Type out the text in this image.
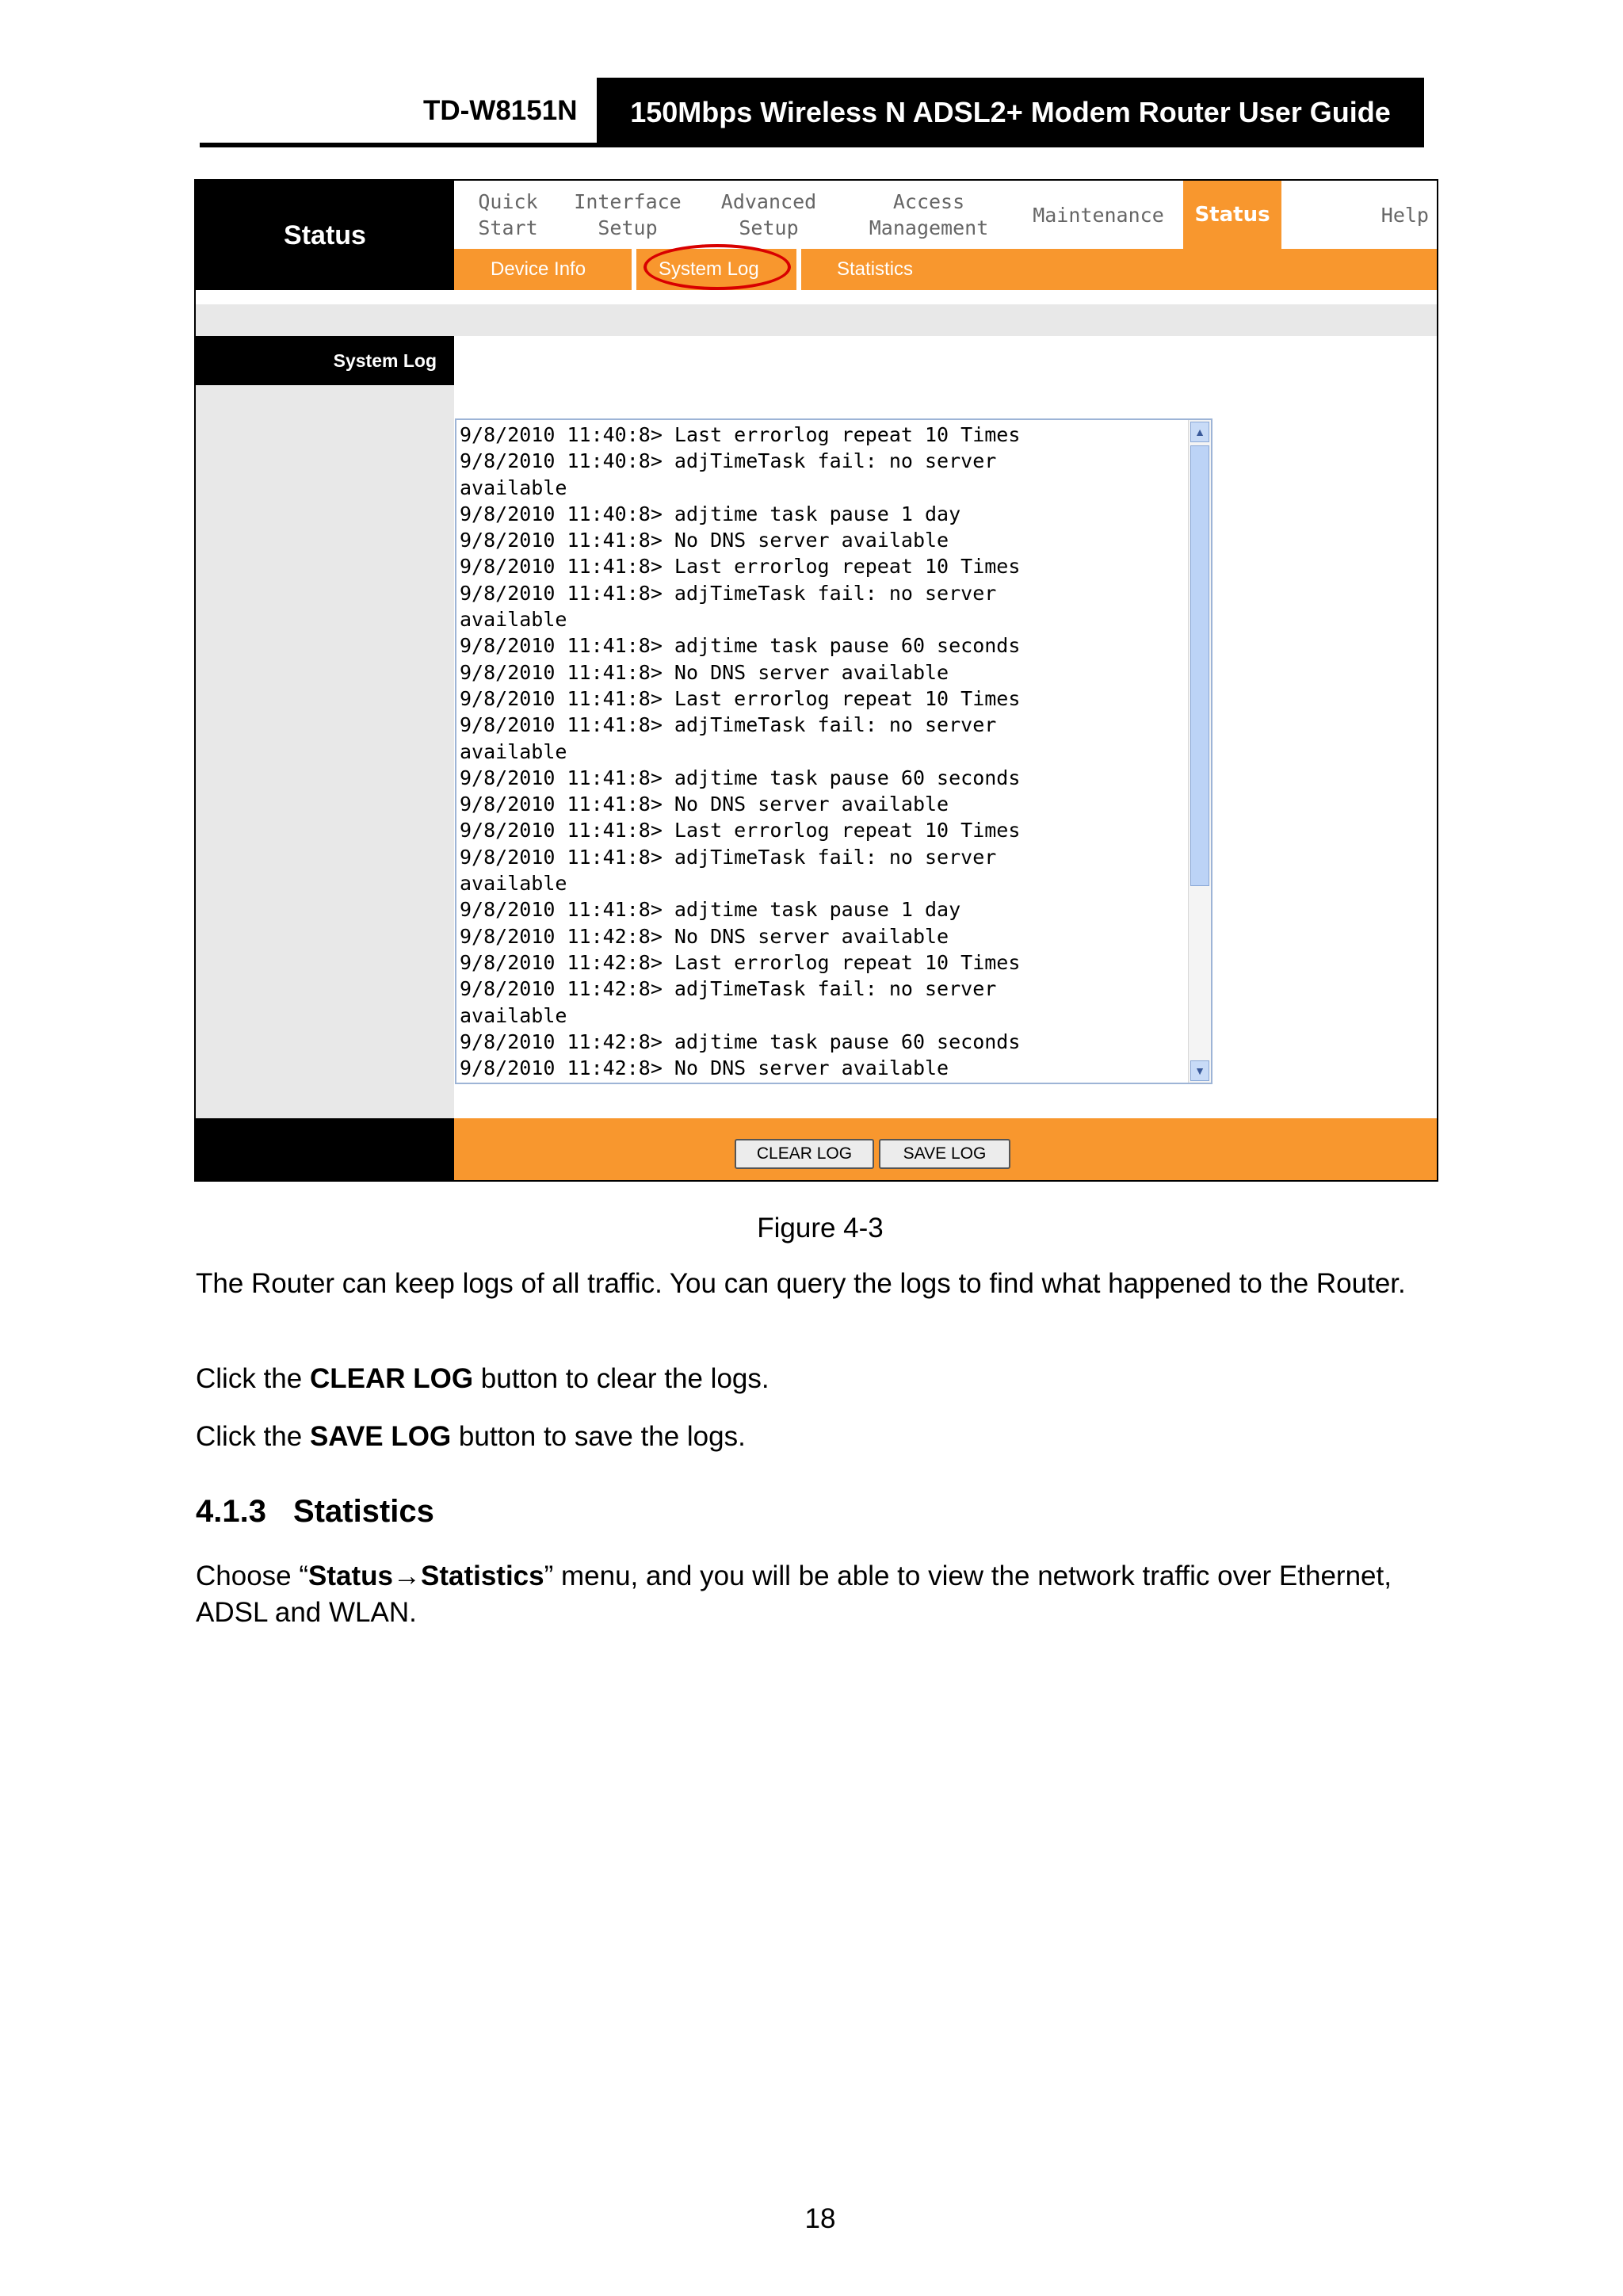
TD-W8151N	150Mbps Wireless N ADSL2+ Modem Router User Guide
Status
Quick
Start
Interface
Setup
Advanced
Setup
Access
Management
Maintenance Status	Help
Device Info	System Log	Statistics
System Log
9/8/2010 11:40:8> Last errorlog repeat 10 Times
9/8/2010 11:40:8> adjTimeTask fail: no server
available
9/8/2010 11:40:8> adjtime task pause 1 day
9/8/2010 11:41:8> No DNS server available
9/8/2010 11:41:8> Last errorlog repeat 10 Times
9/8/2010 11:41:8> adjTimeTask fail: no server
available
9/8/2010 11:41:8> adjtime task pause 60 seconds
9/8/2010 11:41:8> No DNS server available
9/8/2010 11:41:8> Last errorlog repeat 10 Times
9/8/2010 11:41:8> adjTimeTask fail: no server
available
9/8/2010 11:41:8> adjtime task pause 60 seconds
9/8/2010 11:41:8> No DNS server available
9/8/2010 11:41:8> Last errorlog repeat 10 Times
9/8/2010 11:41:8> adjTimeTask fail: no server
available
9/8/2010 11:41:8> adjtime task pause 1 day
9/8/2010 11:42:8> No DNS server available
9/8/2010 11:42:8> Last errorlog repeat 10 Times
9/8/2010 11:42:8> adjTimeTask fail: no server
available
9/8/2010 11:42:8> adjtime task pause 60 seconds
9/8/2010 11:42:8> No DNS server available
▲
▼
CLEAR LOG	SAVE LOG
Figure 4-3
The Router can keep logs of all traffic. You can query the logs to find what happened to the Router.
Click the CLEAR LOG button to clear the logs.
Click the SAVE LOG button to save the logs.
4.1.3 Statistics
Choose “Status→Statistics” menu, and you will be able to view the network traffic over Ethernet, ADSL and WLAN.
18
